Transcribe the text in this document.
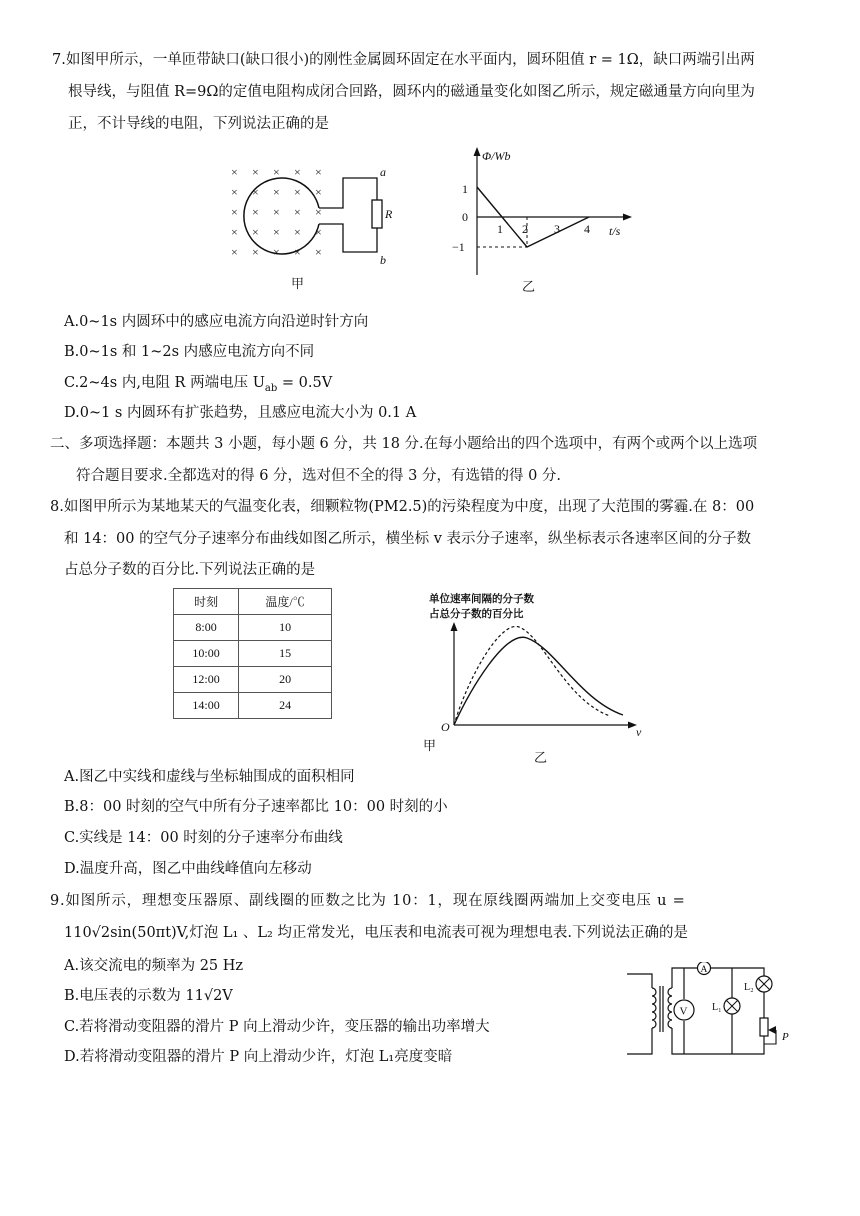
7.如图甲所示，一单匝带缺口(缺口很小)的刚性金属圆环固定在水平面内，圆环阻值 r = 1Ω，缺口两端引出两
根导线，与阻值 R=9Ω的定值电阻构成闭合回路，圆环内的磁通量变化如图乙所示，规定磁通量方向向里为
正，不计导线的电阻，下列说法正确的是
× × × × ×
× × × × ×
× × × × ×
× × × × ×
× × × × ×
R
a
b
甲
Φ/Wb
t/s
1
0
−1
1 2 3 4
乙
A.0~1s 内圆环中的感应电流方向沿逆时针方向
B.0~1s 和 1~2s 内感应电流方向不同
C.2~4s 内,电阻 R 两端电压 $U_{ab} = 0.5V$
D.0~1 s 内圆环有扩张趋势，且感应电流大小为 0.1 A
二、多项选择题：本题共 3 小题，每小题 6 分，共 18 分.在每小题给出的四个选项中，有两个或两个以上选项
符合题目要求.全都选对的得 6 分，选对但不全的得 3 分，有选错的得 0 分.
8.如图甲所示为某地某天的气温变化表，细颗粒物(PM2.5)的污染程度为中度，出现了大范围的雾霾.在 8：00
和 14：00 的空气分子速率分布曲线如图乙所示，横坐标 v 表示分子速率，纵坐标表示各速率区间的分子数
占总分子数的百分比.下列说法正确的是
时刻	温度/℃
8:00	10
10:00	15
12:00	20
14:00	24
单位速率间隔的分子数
占总分子数的百分比
O	v
甲
乙
A.图乙中实线和虚线与坐标轴围成的面积相同
B.8：00 时刻的空气中所有分子速率都比 10：00 时刻的小
C.实线是 14：00 时刻的分子速率分布曲线
D.温度升高，图乙中曲线峰值向左移动
9.如图所示，理想变压器原、副线圈的匝数之比为 10：1，现在原线圈两端加上交变电压 u =
110√2sin(50πt)V,灯泡 L₁ 、L₂ 均正常发光，电压表和电流表可视为理想电表.下列说法正确的是
A.该交流电的频率为 25 Hz
B.电压表的示数为 11√2V
C.若将滑动变阻器的滑片 P 向上滑动少许，变压器的输出功率增大
D.若将滑动变阻器的滑片 P 向上滑动少许，灯泡 L₁亮度变暗
V
A
L₁
L₂
P
